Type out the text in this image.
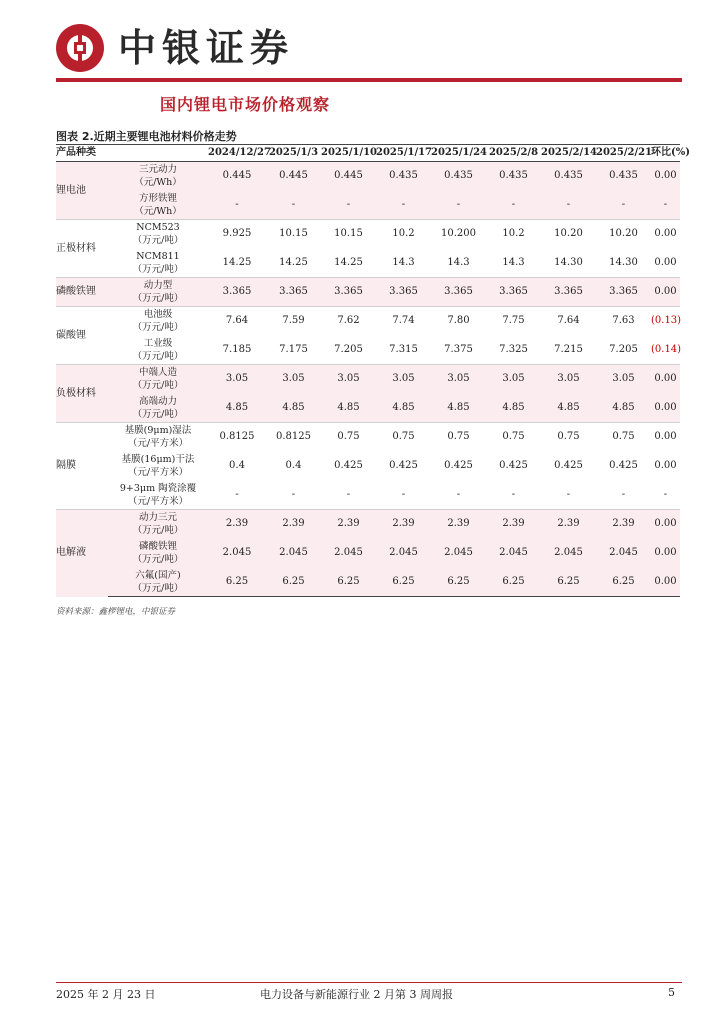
中银证券
国内锂电市场价格观察
图表 2.近期主要锂电池材料价格走势
产品种类		2024/12/27	2025/1/3	2025/1/10	2025/1/17	2025/1/24	2025/2/8	2025/2/14	2025/2/21	环比(%)
锂电池	三元动力
（元/Wh）	0.445	0.445	0.445	0.435	0.435	0.435	0.435	0.435	0.00

	方形铁锂
（元/Wh）	-	-	-	-	-	-	-	-	-
正极材料	NCM523
（万元/吨）	9.925	10.15	10.15	10.2	10.200	10.2	10.20	10.20	0.00

	NCM811
（万元/吨）	14.25	14.25	14.25	14.3	14.3	14.3	14.30	14.30	0.00
磷酸铁锂	动力型
（万元/吨）	3.365	3.365	3.365	3.365	3.365	3.365	3.365	3.365	0.00
碳酸锂	电池级
（万元/吨）	7.64	7.59	7.62	7.74	7.80	7.75	7.64	7.63	(0.13)

	工业级
（万元/吨）	7.185	7.175	7.205	7.315	7.375	7.325	7.215	7.205	(0.14)
负极材料	中端人造
（万元/吨）	3.05	3.05	3.05	3.05	3.05	3.05	3.05	3.05	0.00

	高端动力
（万元/吨）	4.85	4.85	4.85	4.85	4.85	4.85	4.85	4.85	0.00
隔膜	基膜(9μm)湿法
（元/平方米）	0.8125	0.8125	0.75	0.75	0.75	0.75	0.75	0.75	0.00

	基膜(16μm)干法
（元/平方米）	0.4	0.4	0.425	0.425	0.425	0.425	0.425	0.425	0.00

	9+3μm 陶瓷涂覆
（元/平方米）	-	-	-	-	-	-	-	-	-
电解液	动力三元
（万元/吨）	2.39	2.39	2.39	2.39	2.39	2.39	2.39	2.39	0.00

	磷酸铁锂
（万元/吨）	2.045	2.045	2.045	2.045	2.045	2.045	2.045	2.045	0.00

	六氟(国产)
（万元/吨）	6.25	6.25	6.25	6.25	6.25	6.25	6.25	6.25	0.00
资料来源：鑫椤锂电，中银证券
2025 年 2 月 23 日	电力设备与新能源行业 2 月第 3 周周报	5
